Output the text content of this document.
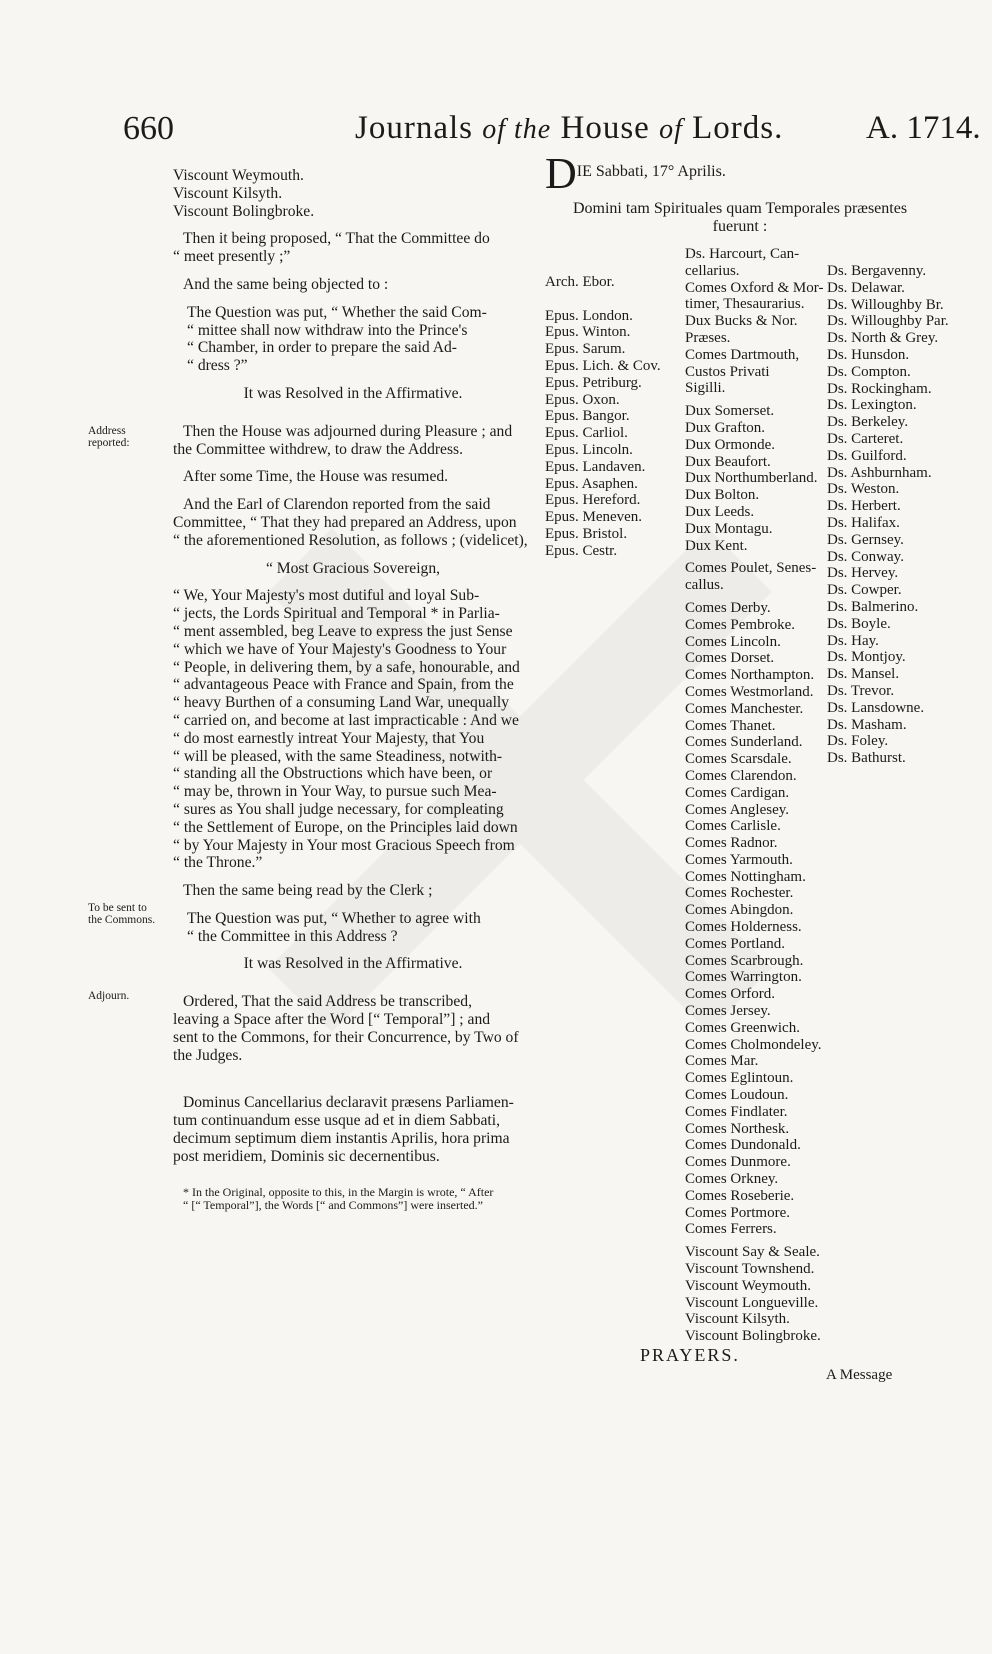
660	Journals of the House of Lords.	A. 1714.

Viscount Weymouth.

Viscount Kilsyth.

Viscount Bolingbroke.

Then it being proposed, “ That the Committee do

“ meet presently ;”

And the same being objected to :

The Question was put, “ Whether the said Com-

“ mittee shall now withdraw into the Prince's

“ Chamber, in order to prepare the said Ad-

“ dress ?”

It was Resolved in the Affirmative.

Then the House was adjourned during Pleasure ; and

the Committee withdrew, to draw the Address.

After some Time, the House was resumed.

And the Earl of Clarendon reported from the said

Committee, “ That they had prepared an Address, upon

“ the aforementioned Resolution, as follows ; (videlicet),

“ Most Gracious Sovereign,

“ We, Your Majesty's most dutiful and loyal Sub-
“ jects, the Lords Spiritual and Temporal * in Parlia-
“ ment assembled, beg Leave to express the just Sense
“ which we have of Your Majesty's Goodness to Your
“ People, in delivering them, by a safe, honourable, and
“ advantageous Peace with France and Spain, from the
“ heavy Burthen of a consuming Land War, unequally
“ carried on, and become at last impracticable : And we
“ do most earnestly intreat Your Majesty, that You
“ will be pleased, with the same Steadiness, notwith-
“ standing all the Obstructions which have been, or
“ may be, thrown in Your Way, to pursue such Mea-
“ sures as You shall judge necessary, for compleating
“ the Settlement of Europe, on the Principles laid down
“ by Your Majesty in Your most Gracious Speech from
“ the Throne.”

Then the same being read by the Clerk ;

The Question was put, “ Whether to agree with

“ the Committee in this Address ?

It was Resolved in the Affirmative.

Ordered, That the said Address be transcribed,

leaving a Space after the Word [“ Temporal”] ; and

sent to the Commons, for their Concurrence, by Two of

the Judges.

Dominus Cancellarius declaravit præsens Parliamen-

tum continuandum esse usque ad et in diem Sabbati,

decimum septimum diem instantis Aprilis, hora prima

post meridiem, Dominis sic decernentibus.

* In the Original, opposite to this, in the Margin is wrote, “ After

“ [“ Temporal”], the Words [“ and Commons”] were inserted.”

Address reported:
To be sent to the Commons.
Adjourn.
DIE Sabbati, 17° Aprilis.
Domini tam Spirituales quam Temporales præsentes fuerunt :
Arch. Ebor.

Epus. London.
Epus. Winton.
Epus. Sarum.
Epus. Lich. & Cov.
Epus. Petriburg.
Epus. Oxon.
Epus. Bangor.
Epus. Carliol.
Epus. Lincoln.
Epus. Landaven.
Epus. Asaphen.
Epus. Hereford.
Epus. Meneven.
Epus. Bristol.
Epus. Cestr.
Ds. Harcourt, Can-
cellarius.
Comes Oxford & Mor-
timer, Thesaurarius.
Dux Bucks & Nor.
Præses.
Comes Dartmouth,
Custos Privati
Sigilli.
Dux Somerset.
Dux Grafton.
Dux Ormonde.
Dux Beaufort.
Dux Northumberland.
Dux Bolton.
Dux Leeds.
Dux Montagu.
Dux Kent.
Comes Poulet, Senes-
callus.
Comes Derby.
Comes Pembroke.
Comes Lincoln.
Comes Dorset.
Comes Northampton.
Comes Westmorland.
Comes Manchester.
Comes Thanet.
Comes Sunderland.
Comes Scarsdale.
Comes Clarendon.
Comes Cardigan.
Comes Anglesey.
Comes Carlisle.
Comes Radnor.
Comes Yarmouth.
Comes Nottingham.
Comes Rochester.
Comes Abingdon.
Comes Holderness.
Comes Portland.
Comes Scarbrough.
Comes Warrington.
Comes Orford.
Comes Jersey.
Comes Greenwich.
Comes Cholmondeley.
Comes Mar.
Comes Eglintoun.
Comes Loudoun.
Comes Findlater.
Comes Northesk.
Comes Dundonald.
Comes Dunmore.
Comes Orkney.
Comes Roseberie.
Comes Portmore.
Comes Ferrers.
Viscount Say & Seale.
Viscount Townshend.
Viscount Weymouth.
Viscount Longueville.
Viscount Kilsyth.
Viscount Bolingbroke.
Ds. Bergavenny.
Ds. Delawar.
Ds. Willoughby Br.
Ds. Willoughby Par.
Ds. North & Grey.
Ds. Hunsdon.
Ds. Compton.
Ds. Rockingham.
Ds. Lexington.
Ds. Berkeley.
Ds. Carteret.
Ds. Guilford.
Ds. Ashburnham.
Ds. Weston.
Ds. Herbert.
Ds. Halifax.
Ds. Gernsey.
Ds. Conway.
Ds. Hervey.
Ds. Cowper.
Ds. Balmerino.
Ds. Boyle.
Ds. Hay.
Ds. Montjoy.
Ds. Mansel.
Ds. Trevor.
Ds. Lansdowne.
Ds. Masham.
Ds. Foley.
Ds. Bathurst.
PRAYERS.
A Message
